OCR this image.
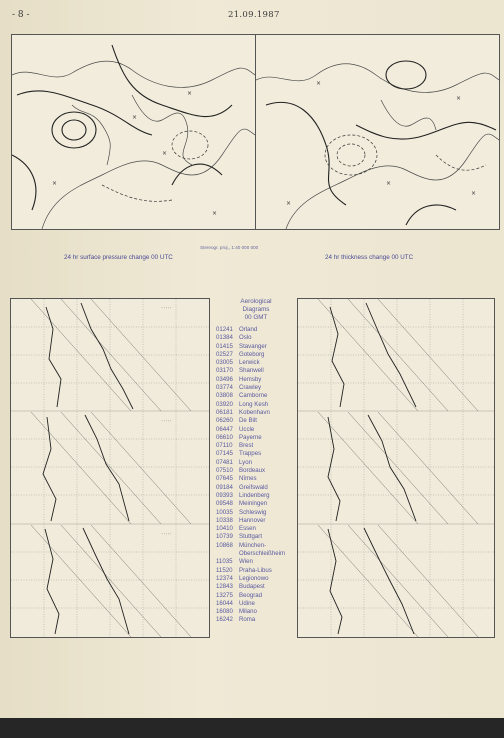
- 8 -	21.09.1987
×
×
×
×
×
×
×
×
×
×
Stereogr. proj., 1:40 000 000
24 hr surface pressure change 00 UTC	24 hr thickness change 00 UTC
·····
·····
·····
Aerological
Diagrams
00 GMT
01241 Orland
01384 Oslo
01415 Stavanger
02527 Goteborg
03005 Lerwick
03170 Shanwell
03496 Hemsby
03774 Crawley
03808 Camborne
03920 Long Kesh
06181 Kobenhavn
06260 De Bilt
06447 Uccle
06610 Payerne
07110 Brest
07145 Trappes
07481 Lyon
07510 Bordeaux
07645 Nîmes
09184 Greifswald
09393 Lindenberg
09548 Meiningen
10035 Schleswig
10338 Hannover
10410 Essen
10739 Stuttgart
10868 München-
Oberschleißheim
11035 Wien
11520 Praha-Libus
12374 Legionowo
12843 Budapest
13275 Beograd
16044 Udine
16080 Milano
16242 Roma
